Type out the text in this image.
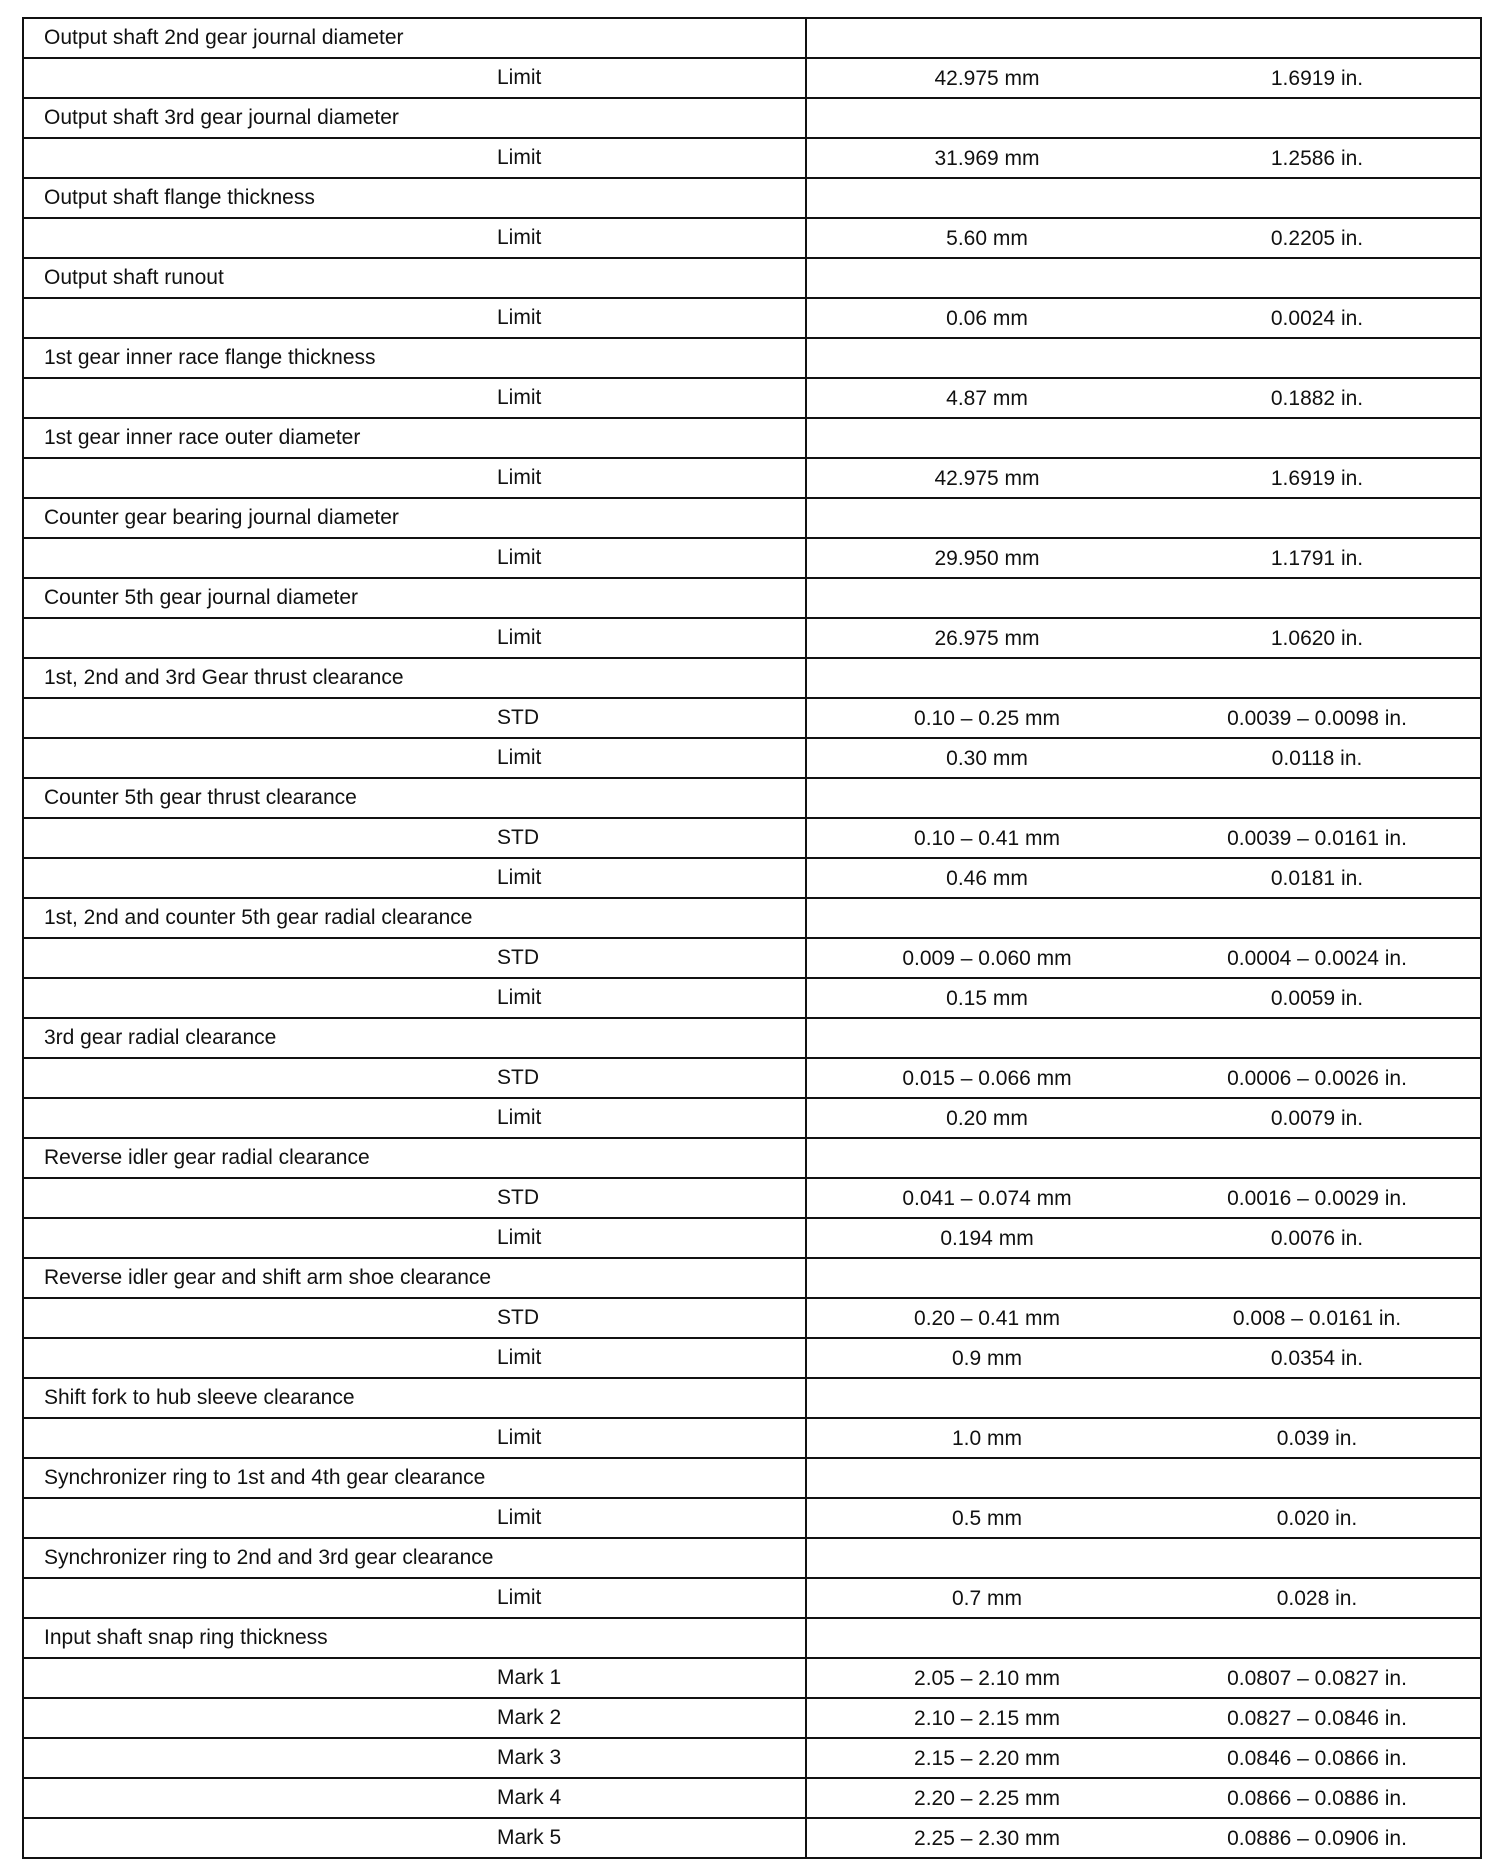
Output shaft 2nd gear journal diameter	
Limit	42.975 mm 1.6919 in.

Output shaft 3rd gear journal diameter	
Limit	31.969 mm 1.2586 in.

Output shaft flange thickness	
Limit	5.60 mm 0.2205 in.

Output shaft runout	
Limit	0.06 mm 0.0024 in.

1st gear inner race flange thickness	
Limit	4.87 mm 0.1882 in.

1st gear inner race outer diameter	
Limit	42.975 mm 1.6919 in.

Counter gear bearing journal diameter	
Limit	29.950 mm 1.1791 in.

Counter 5th gear journal diameter	
Limit	26.975 mm 1.0620 in.

1st, 2nd and 3rd Gear thrust clearance	
STD	0.10 – 0.25 mm 0.0039 – 0.0098 in.

Limit	0.30 mm 0.0118 in.

Counter 5th gear thrust clearance	
STD	0.10 – 0.41 mm 0.0039 – 0.0161 in.

Limit	0.46 mm 0.0181 in.

1st, 2nd and counter 5th gear radial clearance	
STD	0.009 – 0.060 mm 0.0004 – 0.0024 in.

Limit	0.15 mm 0.0059 in.

3rd gear radial clearance	
STD	0.015 – 0.066 mm 0.0006 – 0.0026 in.

Limit	0.20 mm 0.0079 in.

Reverse idler gear radial clearance	
STD	0.041 – 0.074 mm 0.0016 – 0.0029 in.

Limit	0.194 mm 0.0076 in.

Reverse idler gear and shift arm shoe clearance	
STD	0.20 – 0.41 mm 0.008 – 0.0161 in.

Limit	0.9 mm 0.0354 in.

Shift fork to hub sleeve clearance	
Limit	1.0 mm 0.039 in.

Synchronizer ring to 1st and 4th gear clearance	
Limit	0.5 mm 0.020 in.

Synchronizer ring to 2nd and 3rd gear clearance	
Limit	0.7 mm 0.028 in.

Input shaft snap ring thickness	
Mark 1	2.05 – 2.10 mm 0.0807 – 0.0827 in.

Mark 2	2.10 – 2.15 mm 0.0827 – 0.0846 in.

Mark 3	2.15 – 2.20 mm 0.0846 – 0.0866 in.

Mark 4	2.20 – 2.25 mm 0.0866 – 0.0886 in.

Mark 5	2.25 – 2.30 mm 0.0886 – 0.0906 in.
